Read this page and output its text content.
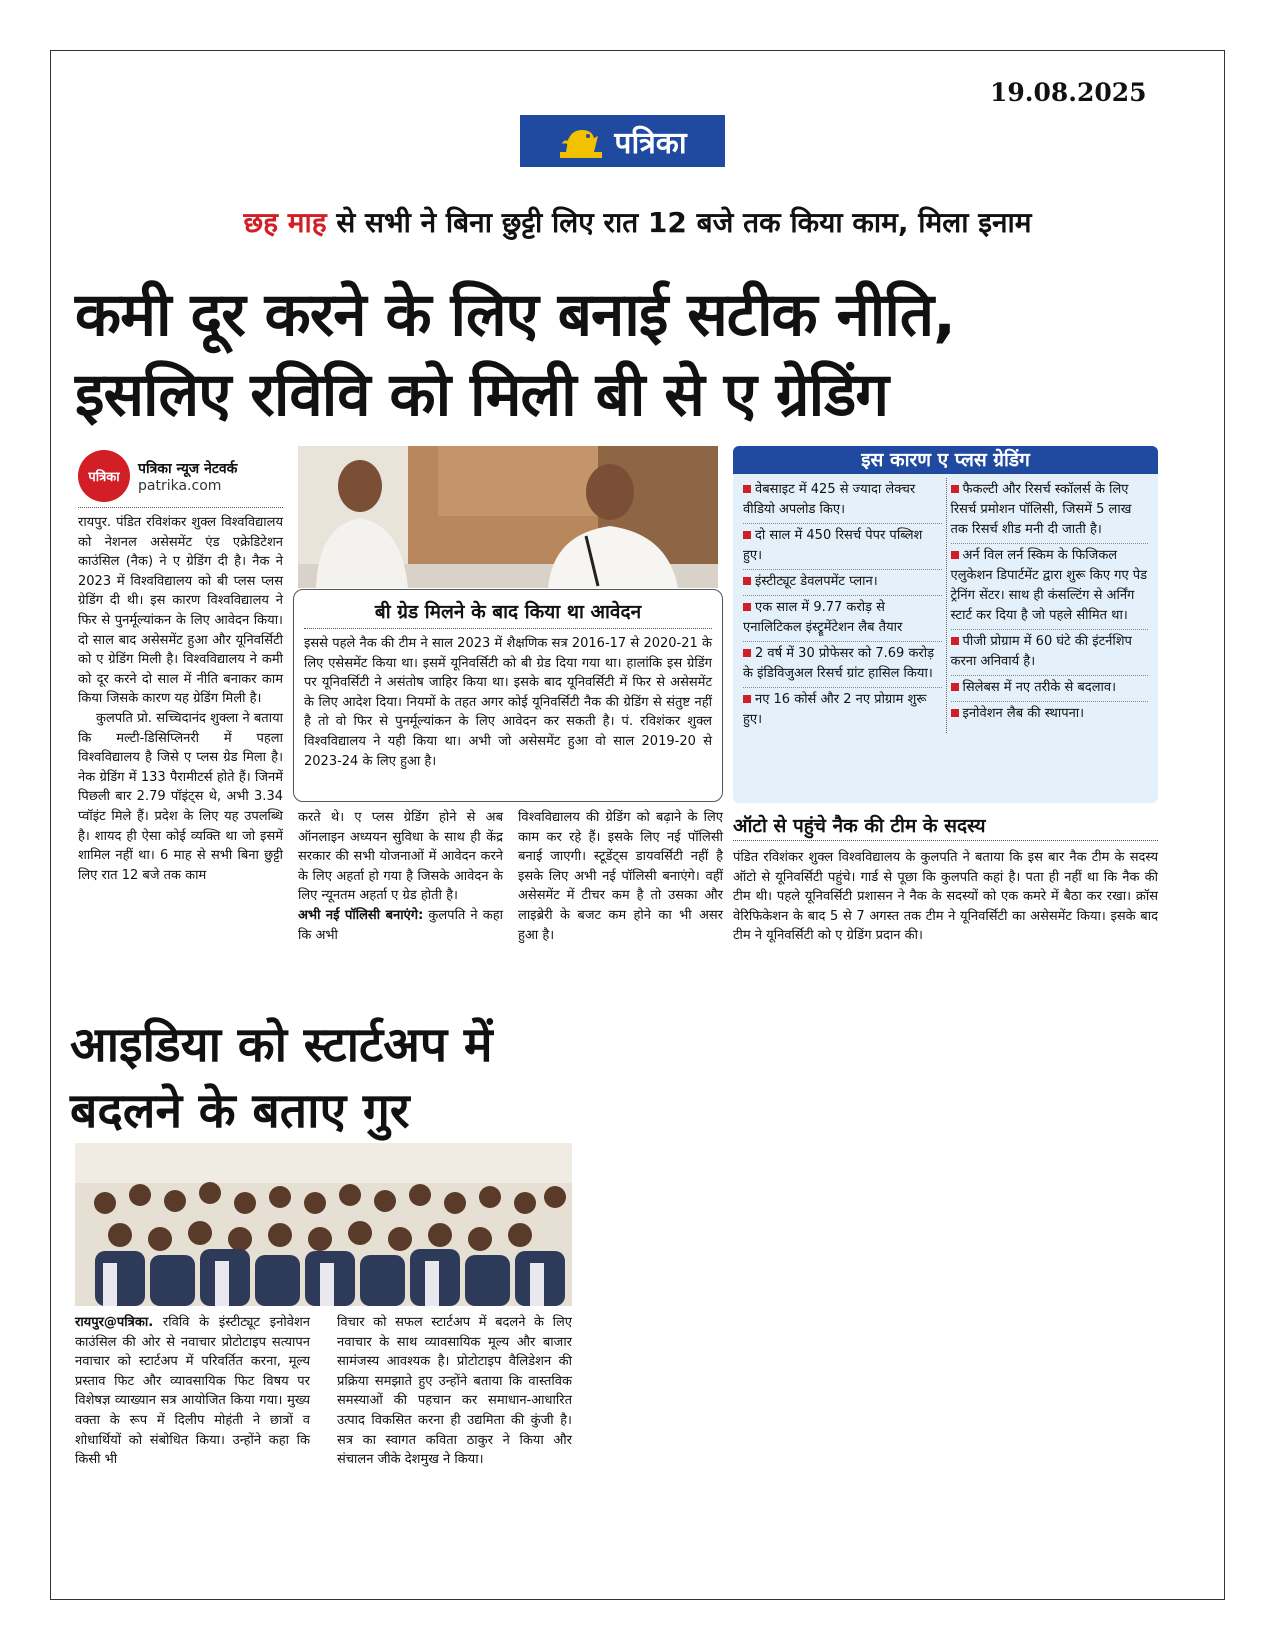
19.08.2025
पत्रिका
छह माह से सभी ने बिना छुट्टी लिए रात 12 बजे तक किया काम, मिला इनाम
कमी दूर करने के लिए बनाई सटीक नीति,
इसलिए रविवि को मिली बी से ए ग्रेडिंग
पत्रिका
पत्रिका न्यूज नेटवर्क
patrika.com

रायपुर. पंडित रविशंकर शुक्ल विश्वविद्यालय को नेशनल असेसमेंट एंड एक्रेडिटेशन काउंसिल (नैक) ने ए ग्रेडिंग दी है। नैक ने 2023 में विश्वविद्यालय को बी प्लस प्लस ग्रेडिंग दी थी। इस कारण विश्वविद्यालय ने फिर से पुनर्मूल्यांकन के लिए आवेदन किया। दो साल बाद असेसमेंट हुआ और यूनिवर्सिटी को ए ग्रेडिंग मिली है। विश्वविद्यालय ने कमी को दूर करने दो साल में नीति बनाकर काम किया जिसके कारण यह ग्रेडिंग मिली है।

कुलपति प्रो. सच्चिदानंद शुक्ला ने बताया कि मल्टी-डिसिप्लिनरी में पहला विश्वविद्यालय है जिसे ए प्लस ग्रेड मिला है। नेक ग्रेडिंग में 133 पैरामीटर्स होते हैं। जिनमें पिछली बार 2.79 पॉइंट्स थे, अभी 3.34 प्वॉइंट मिले हैं। प्रदेश के लिए यह उपलब्धि है। शायद ही ऐसा कोई व्यक्ति था जो इसमें शामिल नहीं था। 6 माह से सभी बिना छुट्टी लिए रात 12 बजे तक काम

बी ग्रेड मिलने के बाद किया था आवेदन
इससे पहले नैक की टीम ने साल 2023 में शैक्षणिक सत्र 2016-17 से 2020-21 के लिए एसेसमेंट किया था। इसमें यूनिवर्सिटी को बी ग्रेड दिया गया था। हालांकि इस ग्रेडिंग पर यूनिवर्सिटी ने असंतोष जाहिर किया था। इसके बाद यूनिवर्सिटी में फिर से असेसमेंट के लिए आदेश दिया। नियमों के तहत अगर कोई यूनिवर्सिटी नैक की ग्रेडिंग से संतुष्ट नहीं है तो वो फिर से पुनर्मूल्यांकन के लिए आवेदन कर सकती है। पं. रविशंकर शुक्ल विश्वविद्यालय ने यही किया था। अभी जो असेसमेंट हुआ वो साल 2019-20 से 2023-24 के लिए हुआ है।

करते थे। ए प्लस ग्रेडिंग होने से अब ऑनलाइन अध्ययन सुविधा के साथ ही केंद्र सरकार की सभी योजनाओं में आवेदन करने के लिए अहर्ता हो गया है जिसके आवेदन के लिए न्यूनतम अहर्ता ए ग्रेड होती है।

अभी नई पॉलिसी बनाएंगे: कुलपति ने कहा कि अभी

विश्वविद्यालय की ग्रेडिंग को बढ़ाने के लिए काम कर रहे हैं। इसके लिए नई पॉलिसी बनाई जाएगी। स्टूडेंट्स डायवर्सिटी नहीं है इसके लिए अभी नई पॉलिसी बनाएंगे। वहीं असेसमेंट में टीचर कम है तो उसका और लाइब्रेरी के बजट कम होने का भी असर हुआ है।

इस कारण ए प्लस ग्रेडिंग
वेबसाइट में 425 से ज्यादा लेक्चर वीडियो अपलोड किए।
दो साल में 450 रिसर्च पेपर पब्लिश हुए।
इंस्टीट्यूट डेवलपमेंट प्लान।
एक साल में 9.77 करोड़ से एनालिटिकल इंस्ट्रूमेंटेशन लैब तैयार
2 वर्ष में 30 प्रोफेसर को 7.69 करोड़ के इंडिविजुअल रिसर्च ग्रांट हासिल किया।
नए 16 कोर्स और 2 नए प्रोग्राम शुरू हुए।
फैकल्टी और रिसर्च स्कॉलर्स के लिए रिसर्च प्रमोशन पॉलिसी, जिसमें 5 लाख तक रिसर्च शीड मनी दी जाती है।
अर्न विल लर्न स्किम के फिजिकल एलुकेशन डिपार्टमेंट द्वारा शुरू किए गए पेड ट्रेनिंग सेंटर। साथ ही कंसल्टिंग से अर्निंग स्टार्ट कर दिया है जो पहले सीमित था।
पीजी प्रोग्राम में 60 घंटे की इंटर्नशिप करना अनिवार्य है।
सिलेबस में नए तरीके से बदलाव।
इनोवेशन लैब की स्थापना।
ऑटो से पहुंचे नैक की टीम के सदस्य

पंडित रविशंकर शुक्ल विश्वविद्यालय के कुलपति ने बताया कि इस बार नैक टीम के सदस्य ऑटो से यूनिवर्सिटी पहुंचे। गार्ड से पूछा कि कुलपति कहां है। पता ही नहीं था कि नैक की टीम थी। पहले यूनिवर्सिटी प्रशासन ने नैक के सदस्यों को एक कमरे में बैठा कर रखा। क्रॉस वेरिफिकेशन के बाद 5 से 7 अगस्त तक टीम ने यूनिवर्सिटी का असेसमेंट किया। इसके बाद टीम ने यूनिवर्सिटी को ए ग्रेडिंग प्रदान की।

आइडिया को स्टार्टअप में
बदलने के बताए गुर

रायपुर@पत्रिका. रविवि के इंस्टीट्यूट इनोवेशन काउंसिल की ओर से नवाचार प्रोटोटाइप सत्यापन नवाचार को स्टार्टअप में परिवर्तित करना, मूल्य प्रस्ताव फिट और व्यावसायिक फिट विषय पर विशेषज्ञ व्याख्यान सत्र आयोजित किया गया। मुख्य वक्ता के रूप में दिलीप मोहंती ने छात्रों व शोधार्थियों को संबोधित किया। उन्होंने कहा कि किसी भी

विचार को सफल स्टार्टअप में बदलने के लिए नवाचार के साथ व्यावसायिक मूल्य और बाजार सामंजस्य आवश्यक है। प्रोटोटाइप वैलिडेशन की प्रक्रिया समझाते हुए उन्होंने बताया कि वास्तविक समस्याओं की पहचान कर समाधान-आधारित उत्पाद विकसित करना ही उद्यमिता की कुंजी है। सत्र का स्वागत कविता ठाकुर ने किया और संचालन जीके देशमुख ने किया।
